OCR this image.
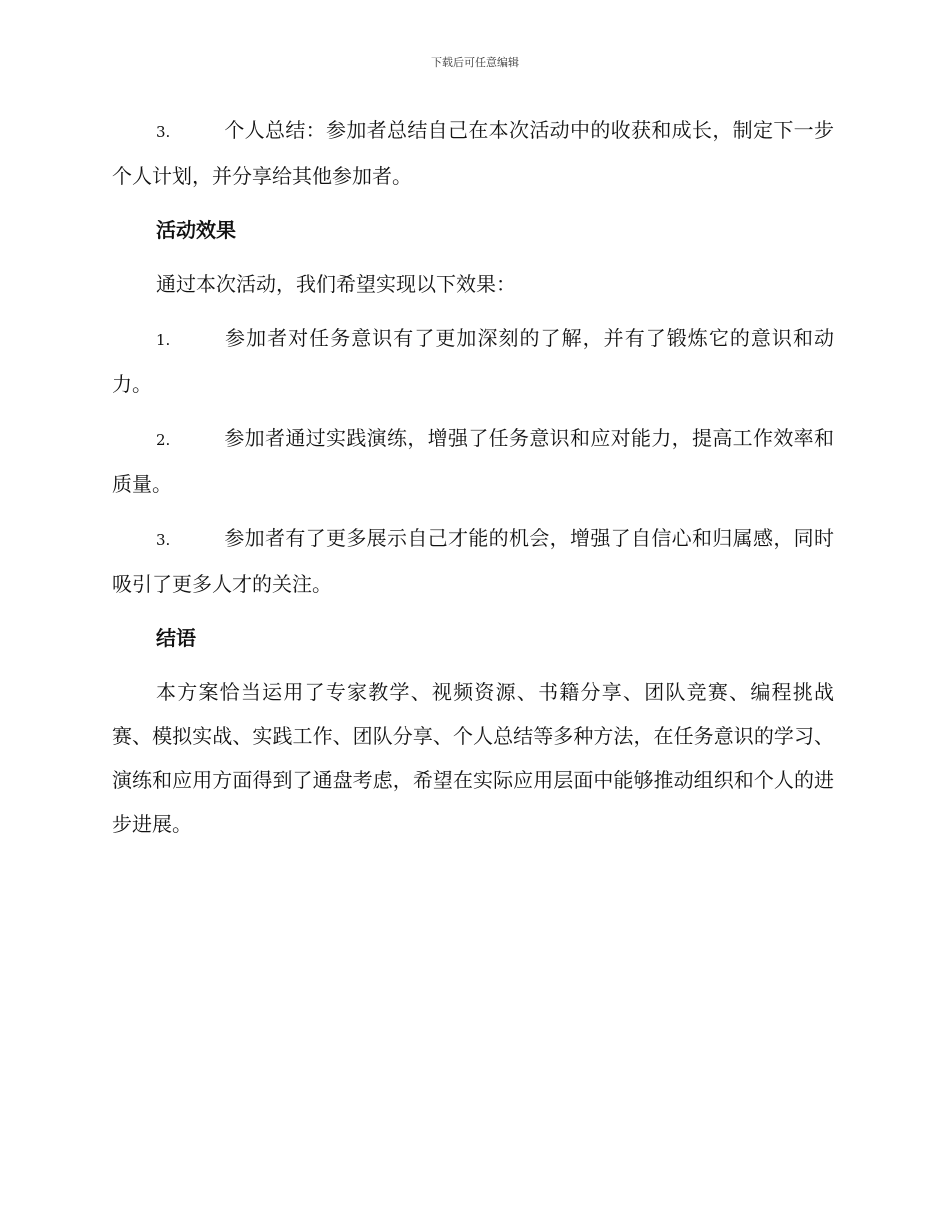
下载后可任意编辑

3.	个人总结：参加者总结自己在本次活动中的收获和成长，制定下一步个人计划，并分享给其他参加者。

活动效果

通过本次活动，我们希望实现以下效果：

1.	参加者对任务意识有了更加深刻的了解，并有了锻炼它的意识和动力。

2.	参加者通过实践演练，增强了任务意识和应对能力，提高工作效率和质量。

3.	参加者有了更多展示自己才能的机会，增强了自信心和归属感，同时吸引了更多人才的关注。

结语

本方案恰当运用了专家教学、视频资源、书籍分享、团队竞赛、编程挑战赛、模拟实战、实践工作、团队分享、个人总结等多种方法，在任务意识的学习、演练和应用方面得到了通盘考虑，希望在实际应用层面中能够推动组织和个人的进步进展。
